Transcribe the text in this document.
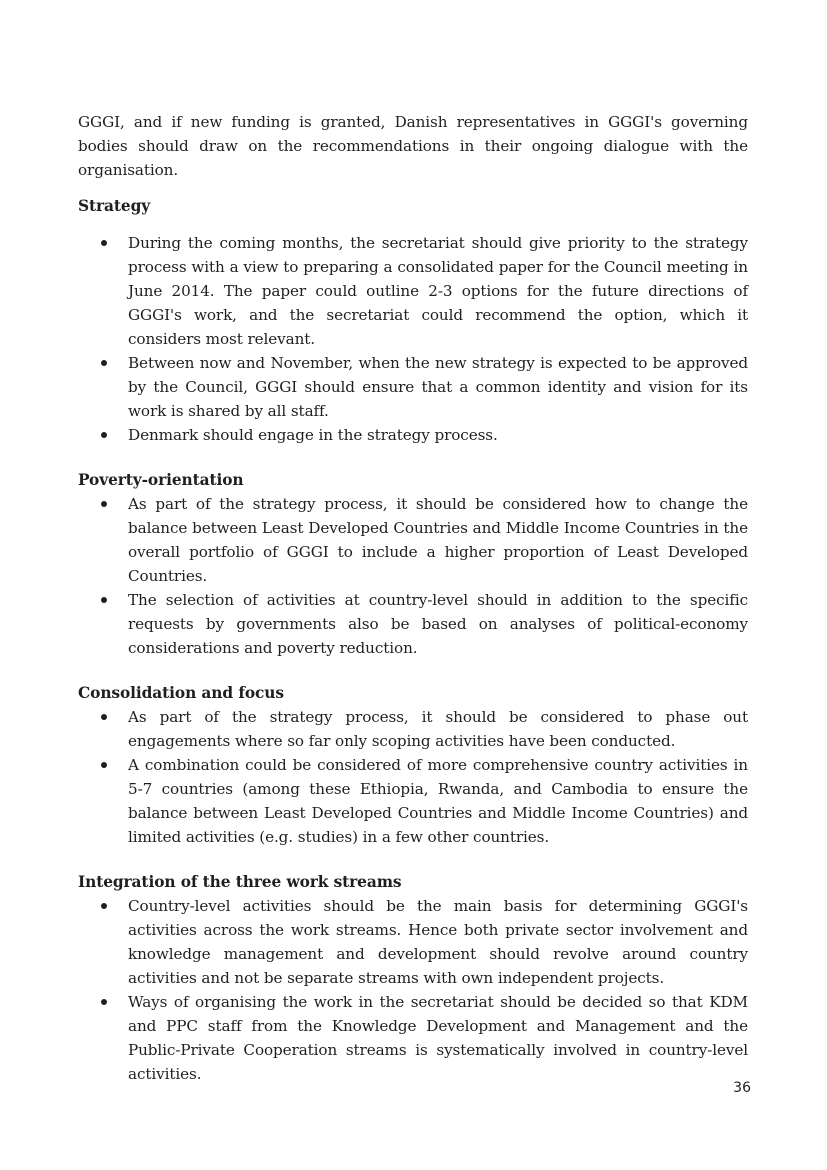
GGGI, and if new funding is granted, Danish representatives in GGGI's governing bodies should draw on the recommendations in their ongoing dialogue with the organisation.

Strategy
During the coming months, the secretariat should give priority to the strategy process with a view to preparing a consolidated paper for the Council meeting in June 2014. The paper could outline 2-3 options for the future directions of GGGI's work, and the secretariat could recommend the option, which it considers most relevant.
Between now and November, when the new strategy is expected to be approved by the Council, GGGI should ensure that a common identity and vision for its work is shared by all staff.
Denmark should engage in the strategy process.
Poverty-orientation
As part of the strategy process, it should be considered how to change the balance between Least Developed Countries and Middle Income Countries in the overall portfolio of GGGI to include a higher proportion of Least Developed Countries.
The selection of activities at country-level should in addition to the specific requests by governments also be based on analyses of political-economy considerations and poverty reduction.
Consolidation and focus
As part of the strategy process, it should be considered to phase out engagements where so far only scoping activities have been conducted.
A combination could be considered of more comprehensive country activities in 5-7 countries (among these Ethiopia, Rwanda, and Cambodia to ensure the balance between Least Developed Countries and Middle Income Countries) and limited activities (e.g. studies) in a few other countries.
Integration of the three work streams
Country-level activities should be the main basis for determining GGGI's activities across the work streams. Hence both private sector involvement and knowledge management and development should revolve around country activities and not be separate streams with own independent projects.
Ways of organising the work in the secretariat should be decided so that KDM and PPC staff from the Knowledge Development and Management and the Public-Private Cooperation streams is systematically involved in country-level activities.
36
